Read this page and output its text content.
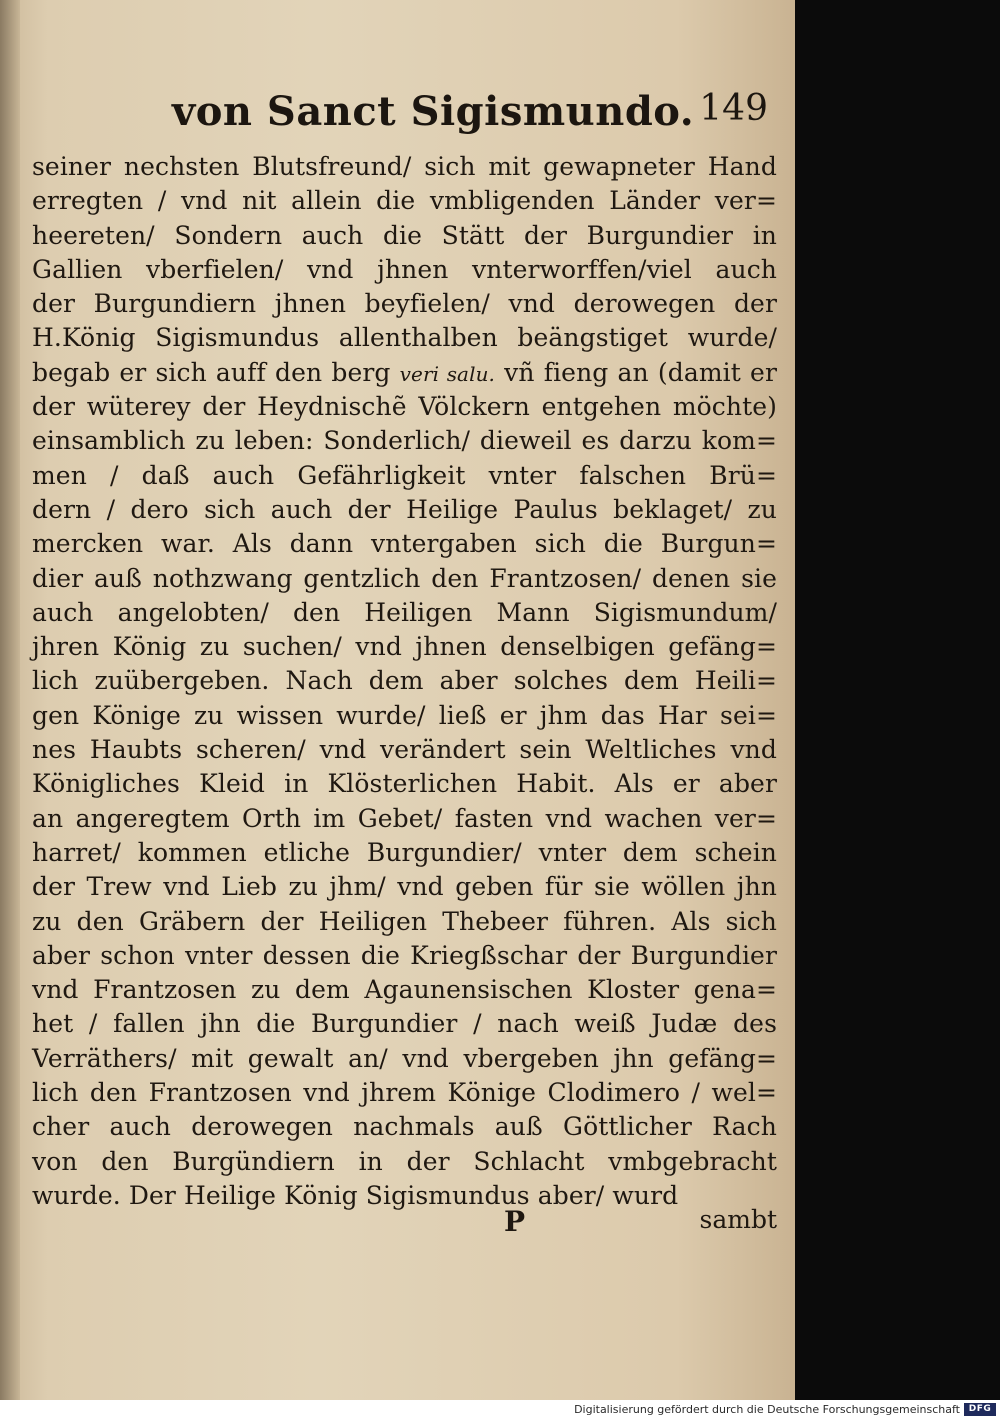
von Sanct Sigismundo. 149
seiner nechsten Blutsfreund/ sich mit gewapneter Hand
erregten / vnd nit allein die vmbligenden Länder ver=
heereten/ Sondern auch die Stätt der Burgundier in
Gallien vberfielen/ vnd jhnen vnterworffen/viel auch
der Burgundiern jhnen beyfielen/ vnd derowegen der
H.König Sigismundus allenthalben beängstiget wurde/
begab er sich auff den berg veri salu. vñ fieng an (damit er
der wüterey der Heydnischẽ Völckern entgehen möchte)
einsamblich zu leben: Sonderlich/ dieweil es darzu kom=
men / daß auch Gefährligkeit vnter falschen Brü=
dern / dero sich auch der Heilige Paulus beklaget/ zu
mercken war. Als dann vntergaben sich die Burgun=
dier auß nothzwang gentzlich den Frantzosen/ denen sie
auch angelobten/ den Heiligen Mann Sigismundum/
jhren König zu suchen/ vnd jhnen denselbigen gefäng=
lich zuübergeben. Nach dem aber solches dem Heili=
gen Könige zu wissen wurde/ ließ er jhm das Har sei=
nes Haubts scheren/ vnd verändert sein Weltliches vnd
Königliches Kleid in Klösterlichen Habit. Als er aber
an angeregtem Orth im Gebet/ fasten vnd wachen ver=
harret/ kommen etliche Burgundier/ vnter dem schein
der Trew vnd Lieb zu jhm/ vnd geben für sie wöllen jhn
zu den Gräbern der Heiligen Thebeer führen. Als sich
aber schon vnter dessen die Kriegßschar der Burgundier
vnd Frantzosen zu dem Agaunensischen Kloster gena=
het / fallen jhn die Burgundier / nach weiß Judæ des
Verräthers/ mit gewalt an/ vnd vbergeben jhn gefäng=
lich den Frantzosen vnd jhrem Könige Clodimero / wel=
cher auch derowegen nachmals auß Göttlicher Rach
von den Burgündiern in der Schlacht vmbgebracht
wurde. Der Heilige König Sigismundus aber/ wurd
P	sambt
Digitalisierung gefördert durch die Deutsche Forschungsgemeinschaft DFG
